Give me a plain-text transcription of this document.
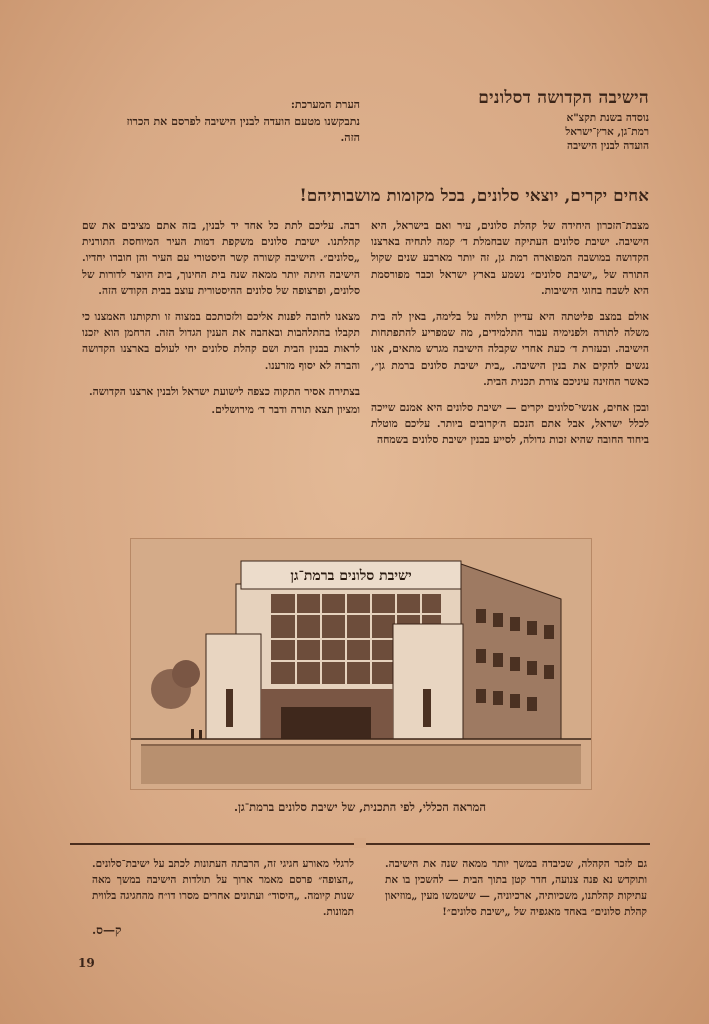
הישיבה הקדושה דסלונים
נוסדה בשנת תקצ"א
רמת־גן, ארץ־ישראל
הועדה לבנין הישיבה
הערת המערכת:
נתבקשנו מטעם הועדה לבנין הישיבה לפרסם את הכרוז הזה.
אחים יקרים, יוצאי סלונים, בכל מקומות מושבותיהם!

מצבת־הזכרון היחידה של קהלת סלונים, עיר ואם בישראל, היא הישיבה. ישיבת סלונים העתיקה שבחמלת ד׳ קמה לתחיה בארצנו הקדושה במושבה המפוארה רמת גן, זה יותר מארבע שנים שקול התורה של „ישיבת סלונים״ נשמע בארץ ישראל וכבר מפורסמת היא לשבח בחוגי הישיבות.

אולם במצב פליטתה היא עדיין תלויה על בלימה, באין לה בית משלה לתורה ולפנימיה עבור התלמידים, מה שמפריע להתפתחות הישיבה. ובעזרת ד׳ כעת אחרי שקבלה הישיבה מגרש מתאים, אנו נגשים להקים את בנין הישיבה. „בית ישיבת סלונים ברמת גן״, כאשר החזינה עיניכם צורת תכנית הבית.

ובכן אחים, אנשי־סלונים יקרים — ישיבת סלונים היא אמנם שייכה לכלל ישראל, אבל אתם הנכם ה׳קרובים ביותר. עליכם מוטלת ביחוד החובה שהיא זכות גדולה, לסייע בבנין ישיבת סלונים בשמחה

רבה. עליכם לתת כל אחד יד לבנין, בזה אתם מציבים את שם קהלתנו. ישיבת סלונים משקפת דמות העיר המיוחסת התורנית „סלונים״. הישיבה קשורה קשר היסטורי עם העיר והן חוברו יחדיו. הישיבה היתה יותר ממאה שנה בית החינוך, בית היוצר לדורות של סלונים, ופרצופה של סלונים ההיסטורית עוצב בבית הקודש הזה.

מצאנו לחובה לפנות אליכם ולזכותכם במצוה זו ותקותנו האמצנו כי תקבלו בהתלהבות ובאהבה את הענין הגדול הזה. הרחמן הוא יזכנו לראות בבנין הבית ושם קהלת סלונים יחי לעולם בארצנו הקדושה והברה לא יסוף מזרענו.

בצתירה אסיר התקוה כצפה לישועת ישראל ולבנין ארצנו הקדושה.

ומציון תצא תורה ודבר ד׳ מירושלים.

ישיבת סלונים ברמת־גן
המראה הכללי, לפי התכנית, של ישיבת סלונים ברמת־גן.
גם לזכר הקהלה, שכיבדה במשך יותר ממאה שנה את הישיבה. ותוקדש נא פנה צנועה, חדר קטן בתוך הבית — להשכין בו את עתיקות קהלתנו, משכיותיה, ארכיוניה, — שישמשו מעין „מוזיאון קהלת סלונים״ באחד מאגפיה של „ישיבת סלונים״!
לרגלי מאורע חגיגי זה, הרבתה העתונות לכתב על ישיבת־סלונים. „הצופה״ פרסם מאמר ארוך על תולדות הישיבה במשך מאה שנות קיומה. „היסוד״ ועתונים אחרים מסרו דו״ח מהחגיגה בלווית תמונות.
ק—ס.
19
